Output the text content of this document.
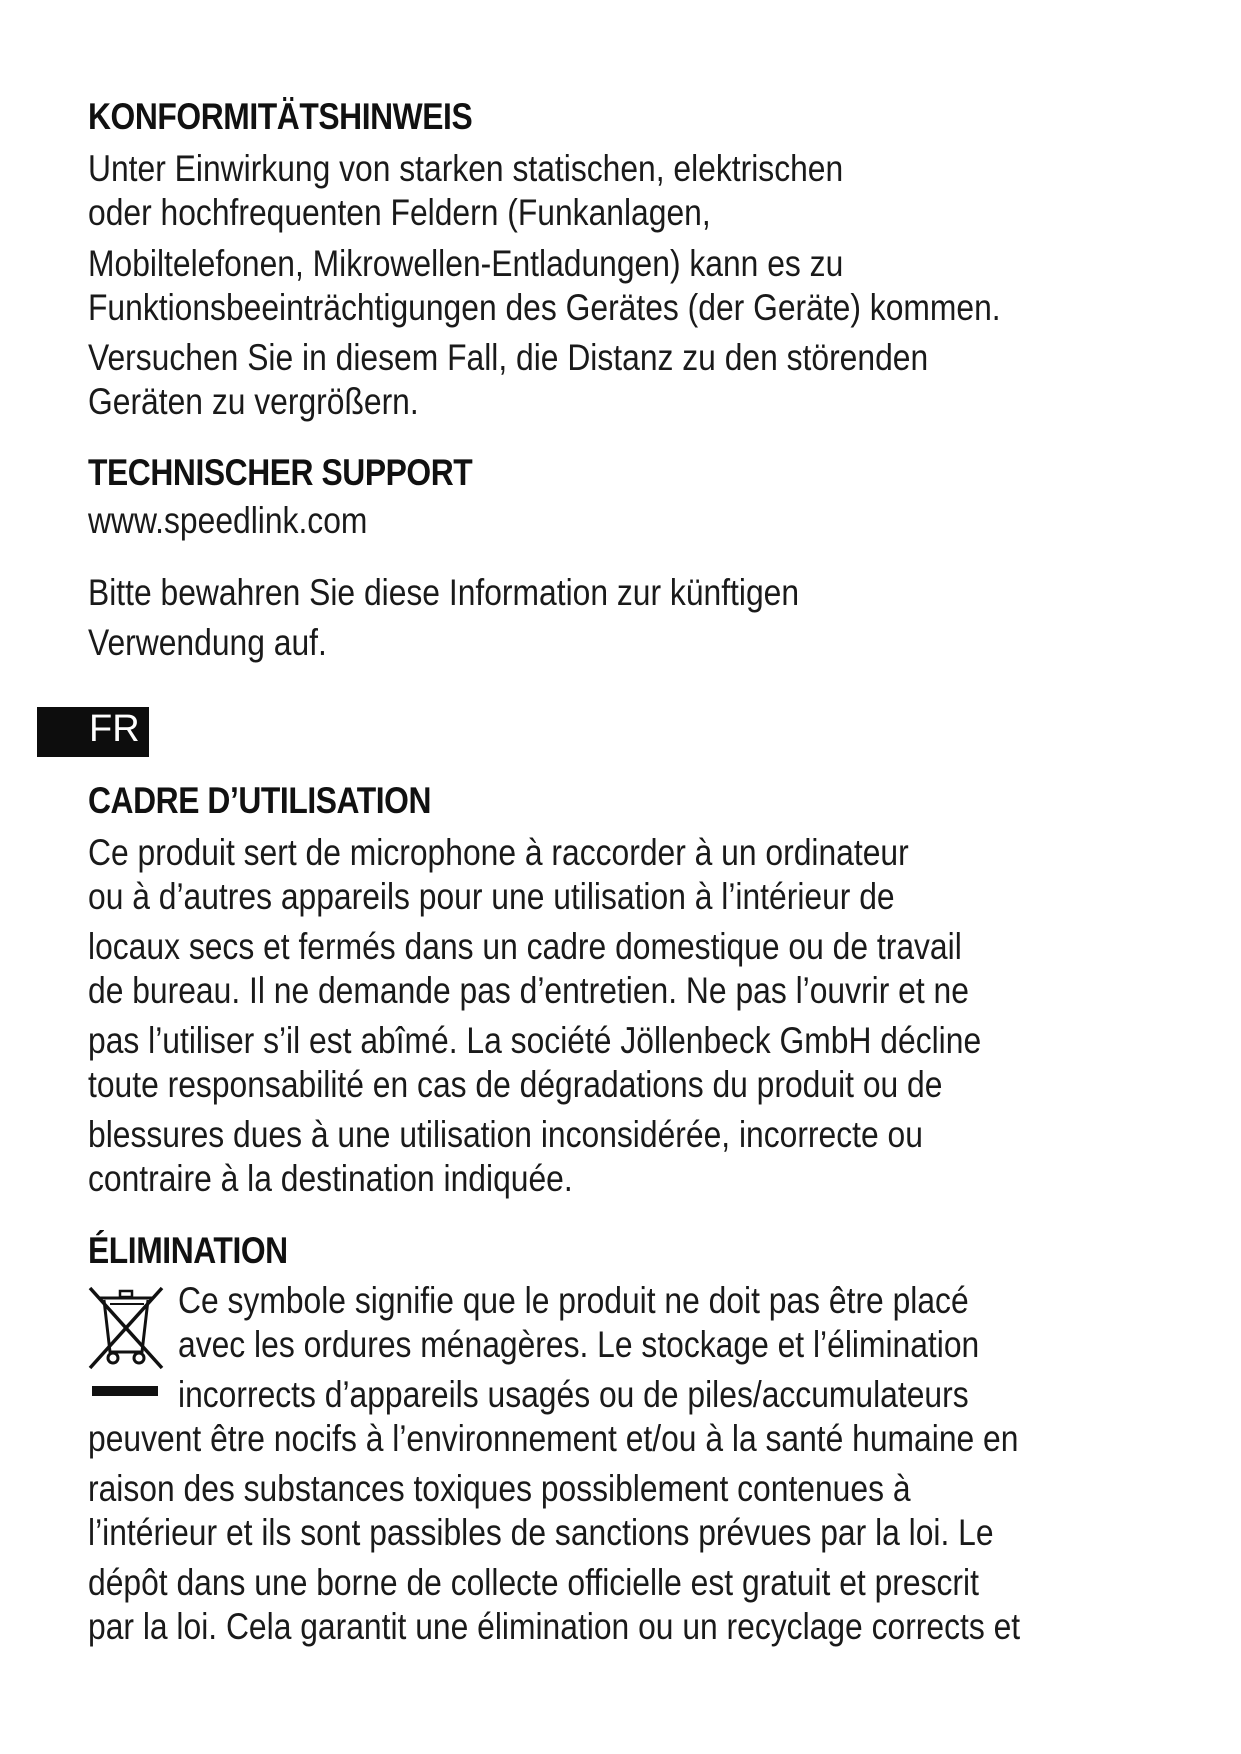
KONFORMITÄTSHINWEIS
Unter Einwirkung von starken statischen, elektrischen
oder hochfrequenten Feldern (Funkanlagen,
Mobiltelefonen, Mikrowellen-Entladungen) kann es zu
Funktionsbeeinträchtigungen des Gerätes (der Geräte) kommen.
Versuchen Sie in diesem Fall, die Distanz zu den störenden
Geräten zu vergrößern.
TECHNISCHER SUPPORT
www.speedlink.com
Bitte bewahren Sie diese Information zur künftigen
Verwendung auf.
FR
CADRE D’UTILISATION
Ce produit sert de microphone à raccorder à un ordinateur
ou à d’autres appareils pour une utilisation à l’intérieur de
locaux secs et fermés dans un cadre domestique ou de travail
de bureau. Il ne demande pas d’entretien. Ne pas l’ouvrir et ne
pas l’utiliser s’il est abîmé. La société Jöllenbeck GmbH décline
toute responsabilité en cas de dégradations du produit ou de
blessures dues à une utilisation inconsidérée, incorrecte ou
contraire à la destination indiquée.
ÉLIMINATION
Ce symbole signifie que le produit ne doit pas être placé
avec les ordures ménagères. Le stockage et l’élimination
incorrects d’appareils usagés ou de piles/accumulateurs
peuvent être nocifs à l’environnement et/ou à la santé humaine en
raison des substances toxiques possiblement contenues à
l’intérieur et ils sont passibles de sanctions prévues par la loi. Le
dépôt dans une borne de collecte officielle est gratuit et prescrit
par la loi. Cela garantit une élimination ou un recyclage corrects et
